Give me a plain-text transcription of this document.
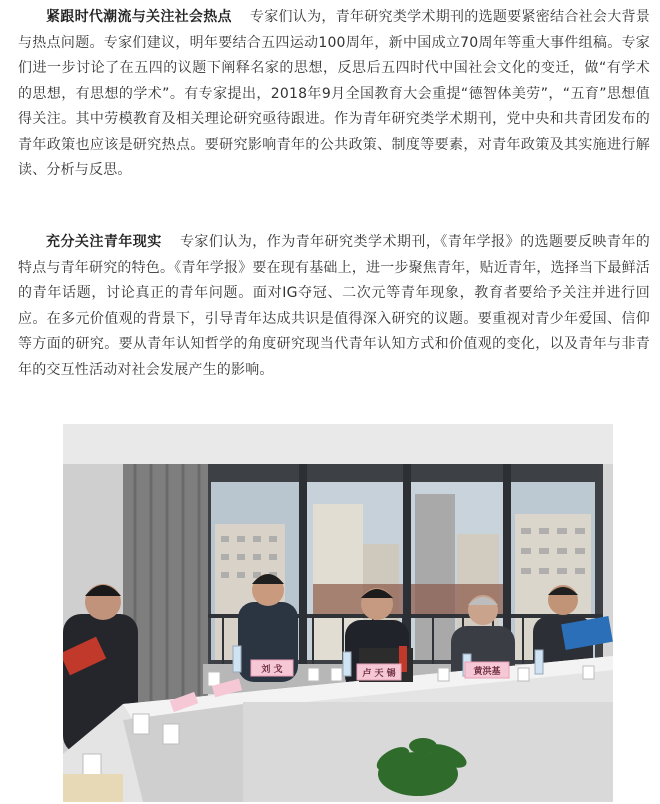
紧跟时代潮流与关注社会热点 专家们认为，青年研究类学术期刊的选题要紧密结合社会大背景与热点问题。专家们建议，明年要结合五四运动100周年，新中国成立70周年等重大事件组稿。专家们进一步讨论了在五四的议题下阐释名家的思想，反思后五四时代中国社会文化的变迁，做“有学术的思想，有思想的学术”。有专家提出，2018年9月全国教育大会重提“德智体美劳”，“五育”思想值得关注。其中劳模教育及相关理论研究亟待跟进。作为青年研究类学术期刊，党中央和共青团发布的青年政策也应该是研究热点。要研究影响青年的公共政策、制度等要素，对青年政策及其实施进行解读、分析与反思。

充分关注青年现实 专家们认为，作为青年研究类学术期刊，《青年学报》的选题要反映青年的特点与青年研究的特色。《青年学报》要在现有基础上，进一步聚焦青年，贴近青年，选择当下最鲜活的青年话题，讨论真正的青年问题。面对IG夺冠、二次元等青年现象，教育者要给予关注并进行回应。在多元价值观的背景下，引导青年达成共识是值得深入研究的议题。要重视对青少年爱国、信仰等方面的研究。要从青年认知哲学的角度研究现当代青年认知方式和价值观的变化，以及青年与非青年的交互性活动对社会发展产生的影响。

刘 戈	卢 天 锡	黄洪基
